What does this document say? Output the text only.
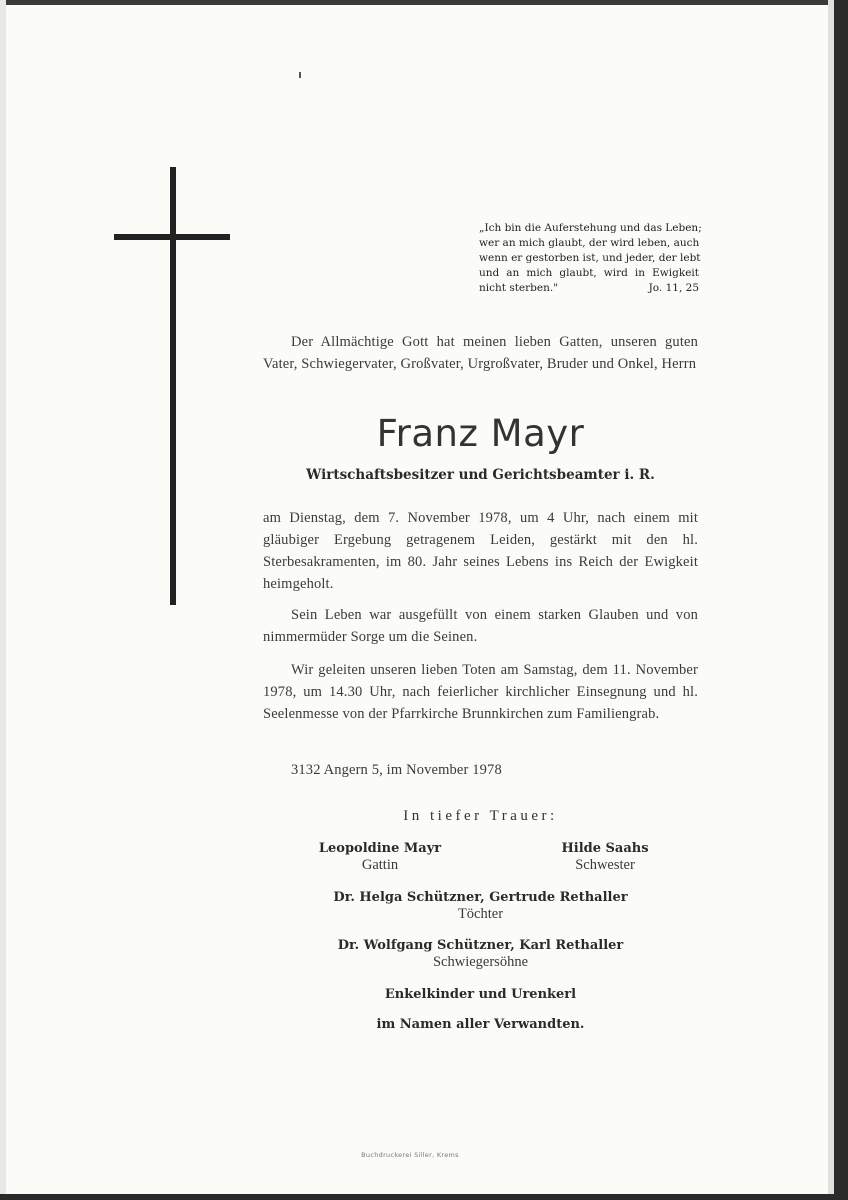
„Ich bin die Auferstehung und das Leben;
wer an mich glaubt, der wird leben, auch
wenn er gestorben ist, und jeder, der lebt
und an mich glaubt, wird in Ewigkeit
nicht sterben."	Jo. 11, 25
Der Allmächtige Gott hat meinen lieben Gatten, unseren guten Vater, Schwiegervater, Großvater, Urgroßvater, Bruder und Onkel, Herrn
Franz Mayr
Wirtschaftsbesitzer und Gerichtsbeamter i. R.
am Dienstag, dem 7. November 1978, um 4 Uhr, nach einem mit gläubiger Ergebung getragenem Leiden, gestärkt mit den hl. Sterbesakramenten, im 80. Jahr seines Lebens ins Reich der Ewigkeit heimgeholt.
Sein Leben war ausgefüllt von einem starken Glauben und von nimmermüder Sorge um die Seinen.
Wir geleiten unseren lieben Toten am Samstag, dem 11. November 1978, um 14.30 Uhr, nach feierlicher kirchlicher Einsegnung und hl. Seelenmesse von der Pfarrkirche Brunnkirchen zum Familiengrab.
3132 Angern 5, im November 1978
In tiefer Trauer:
Leopoldine Mayr
Gattin
Hilde Saahs
Schwester
Dr. Helga Schützner, Gertrude Rethaller
Töchter
Dr. Wolfgang Schützner, Karl Rethaller
Schwiegersöhne
Enkelkinder und Urenkerl
im Namen aller Verwandten.
Buchdruckerei Siller, Krems
